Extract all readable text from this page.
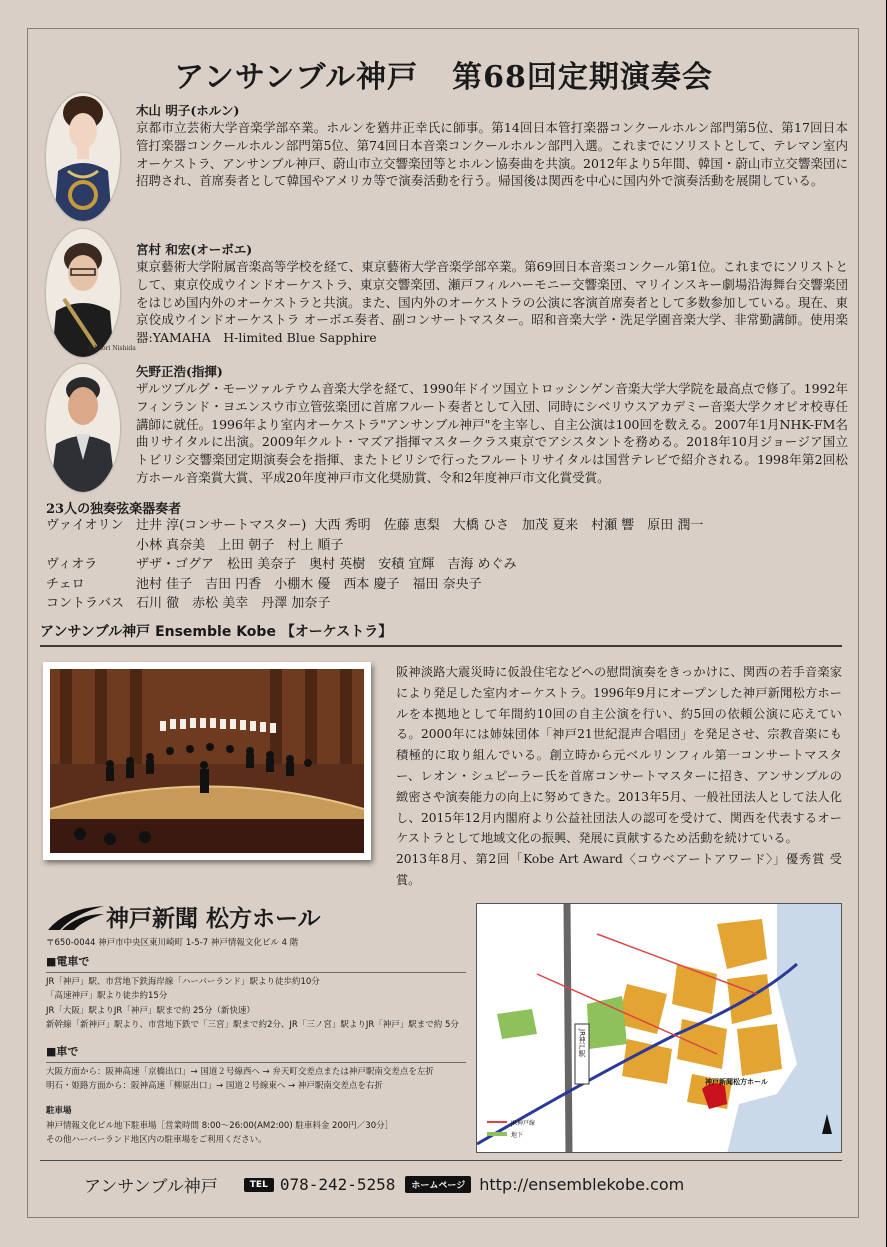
アンサンブル神戸 第68回定期演奏会
木山 明子(ホルン)
京都市立芸術大学音楽学部卒業。ホルンを猶井正幸氏に師事。第14回日本管打楽器コンクールホルン部門第5位、第17回日本管打楽器コンクールホルン部門第5位、第74回日本音楽コンクールホルン部門入選。これまでにソリストとして、テレマン室内オーケストラ、アンサンブル神戸、蔚山市立交響楽団等とホルン協奏曲を共演。2012年より5年間、韓国・蔚山市立交響楽団に招聘され、首席奏者として韓国やアメリカ等で演奏活動を行う。帰国後は関西を中心に国内外で演奏活動を展開している。
©Kaori Nishida
宮村 和宏(オーボエ)
東京藝術大学附属音楽高等学校を経て、東京藝術大学音楽学部卒業。第69回日本音楽コンクール第1位。これまでにソリストとして、東京佼成ウインドオーケストラ、東京交響楽団、瀬戸フィルハーモニー交響楽団、マリインスキー劇場沿海舞台交響楽団をはじめ国内外のオーケストラと共演。また、国内外のオーケストラの公演に客演首席奏者として多数参加している。現在、東京佼成ウインドオーケストラ オーボエ奏者、副コンサートマスター。昭和音楽大学・洗足学園音楽大学、非常勤講師。使用楽器:YAMAHA　H-limited Blue Sapphire
矢野正浩(指揮)
ザルツブルグ・モーツァルテウム音楽大学を経て、1990年ドイツ国立トロッシンゲン音楽大学大学院を最高点で修了。1992年フィンランド・ヨエンスウ市立管弦楽団に首席フルート奏者として入団、同時にシベリウスアカデミー音楽大学クオピオ校専任講師に就任。1996年より室内オーケストラ"アンサンブル神戸"を主宰し、自主公演は100回を数える。2007年1月NHK-FM名曲リサイタルに出演。2009年クルト・マズア指揮マスタークラス東京でアシスタントを務める。2018年10月ジョージア国立トビリシ交響楽団定期演奏会を指揮、またトビリシで行ったフルートリサイタルは国営テレビで紹介される。1998年第2回松方ホール音楽賞大賞、平成20年度神戸市文化奨励賞、令和2年度神戸市文化賞受賞。
23人の独奏弦楽器奏者
ヴァイオリン 辻井 淳(コンサートマスター)  大西 秀明　佐藤 恵梨　大橋 ひさ　加茂 夏来　村瀬 響　原田 潤一
小林 真奈美　上田 朝子　村上 順子
ヴィオラ	ザザ・ゴグア　松田 美奈子　奥村 英樹　安積 宜輝　吉海 めぐみ
チェロ	池村 佳子　吉田 円香　小棚木 優　西本 慶子　福田 奈央子
コントラバス 石川 徹　赤松 美幸　丹澤 加奈子
アンサンブル神戸 Ensemble Kobe 【オーケストラ】
阪神淡路大震災時に仮設住宅などへの慰問演奏をきっかけに、関西の若手音楽家により発足した室内オーケストラ。1996年9月にオープンした神戸新聞松方ホールを本拠地として年間約10回の自主公演を行い、約5回の依頼公演に応えている。2000年には姉妹団体「神戸21世紀混声合唱団」を発足させ、宗教音楽にも積極的に取り組んでいる。創立時から元ベルリンフィル第一コンサートマスター、レオン・シュピーラー氏を首席コンサートマスターに招き、アンサンブルの緻密さや演奏能力の向上に努めてきた。2013年5月、一般社団法人として法人化し、2015年12月内閣府より公益社団法人の認可を受けて、関西を代表するオーケストラとして地域文化の振興、発展に貢献するため活動を続けている。
2013年8月、第2回「Kobe Art Award〈コウベアートアワード〉」優秀賞 受賞。
神戸新聞 松方ホール
〒650-0044 神戸市中央区東川崎町 1-5-7 神戸情報文化ビル 4 階
■電車で
JR「神戸」駅、市営地下鉄海岸線「ハーバーランド」駅より徒歩約10分
「高速神戸」駅より徒歩約15分
JR「大阪」駅よりJR「神戸」駅まで約 25分（新快速）
新幹線「新神戸」駅より、市営地下鉄で「三宮」駅まで約2分、JR「三ノ宮」駅よりJR「神戸」駅まで約 5分
■車で
大阪方面から：阪神高速「京橋出口」→ 国道２号線西へ → 弁天町交差点または神戸駅南交差点を左折
明石・姫路方面から：阪神高速「柳原出口」→ 国道２号線東へ → 神戸駅南交差点を右折
駐車場
神戸情報文化ビル地下駐車場［営業時間 8:00～26:00(AM2:00) 駐車料金 200円／30分］
その他ハーバーランド地区内の駐車場をご利用ください。
JR神戸駅
神戸新聞松方ホール
JR神戸線
地下
アンサンブル神戸	TEL 078-242-5258	ホームページ http://ensemblekobe.com
